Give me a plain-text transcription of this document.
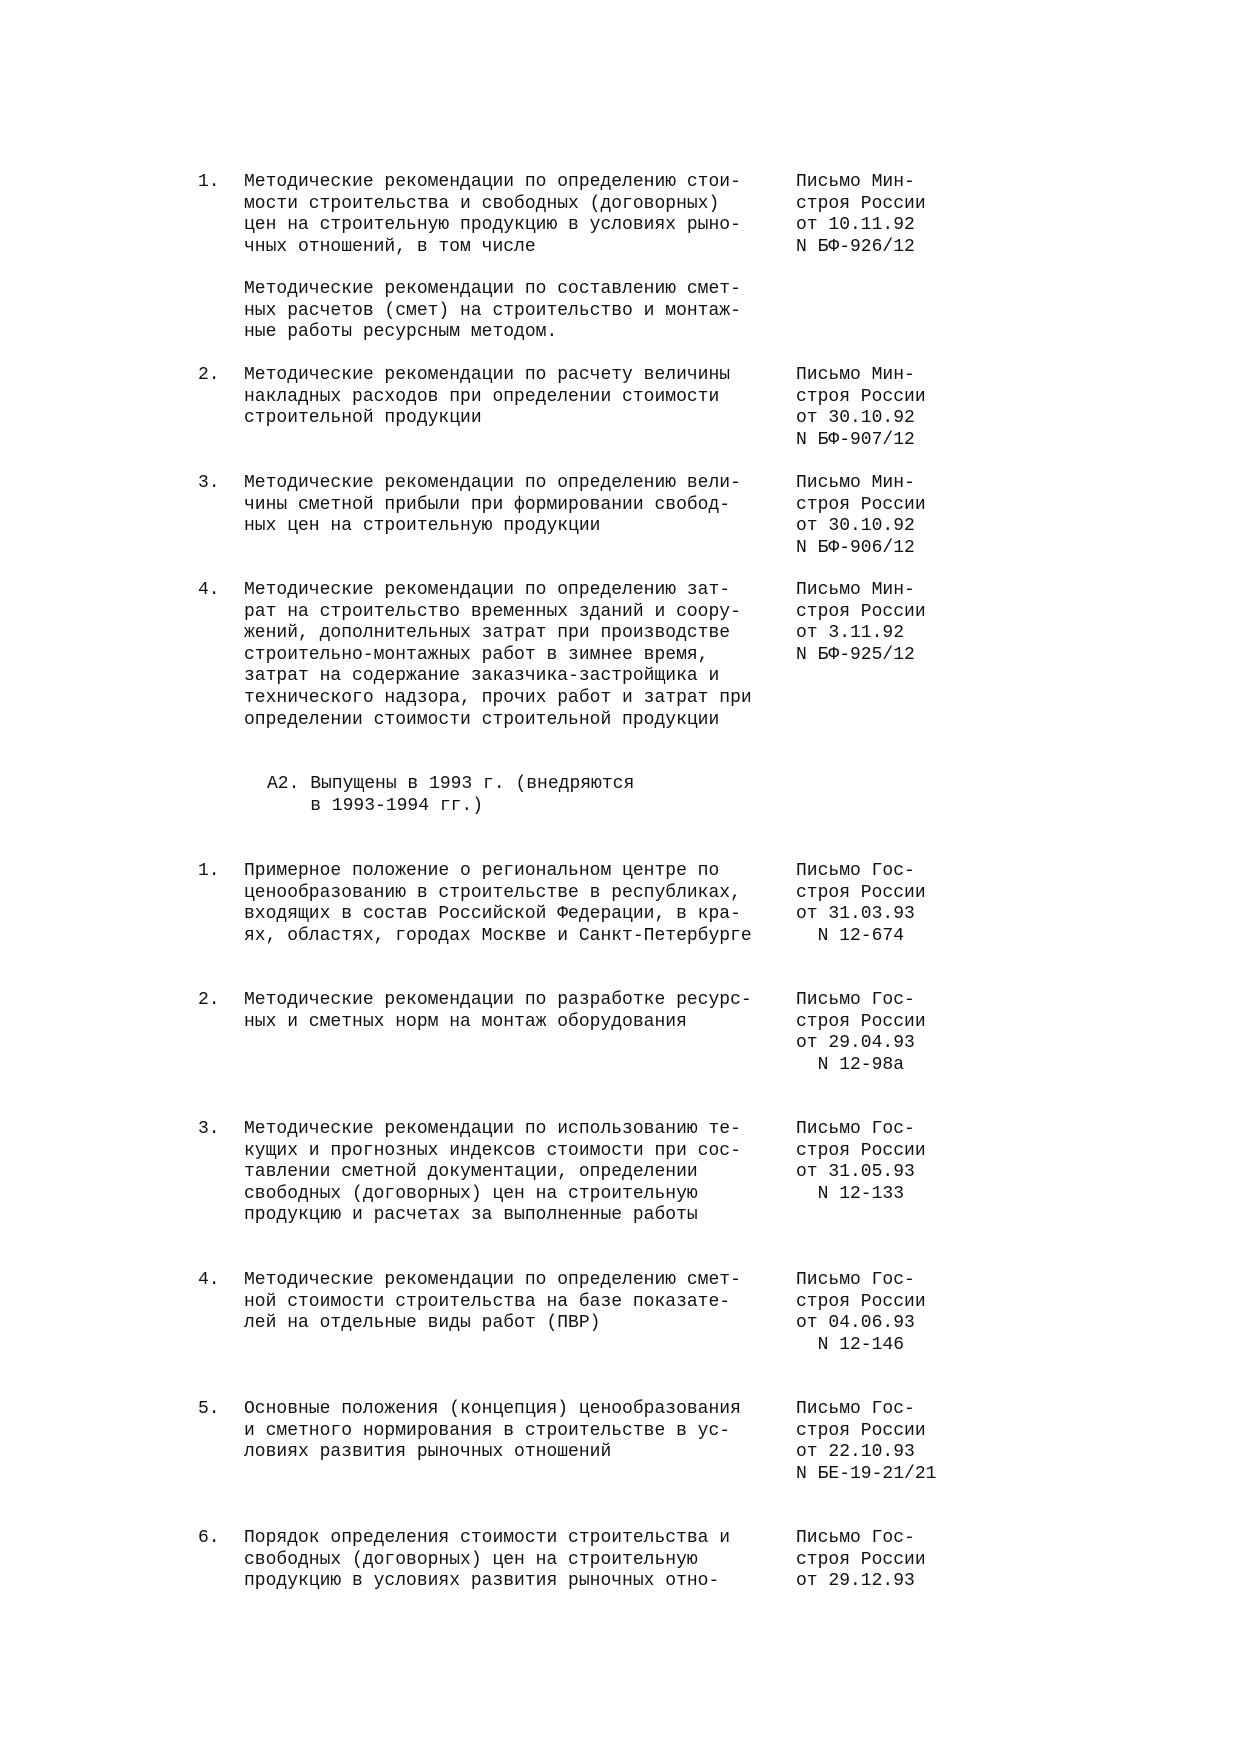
1. Методические рекомендации по определению стои-
мости строительства и свободных (договорных)
цен на строительную продукцию в условиях рыно-
чных отношений, в том числе
Методические рекомендации по составлению смет-
ных расчетов (смет) на строительство и монтаж-
ные работы ресурсным методом.
Письмо Мин-
строя России
от 10.11.92
N БФ-926/12
2. Методические рекомендации по расчету величины
накладных расходов при определении стоимости
строительной продукции
Письмо Мин-
строя России
от 30.10.92
N БФ-907/12
3. Методические рекомендации по определению вели-
чины сметной прибыли при формировании свобод-
ных цен на строительную продукции
Письмо Мин-
строя России
от 30.10.92
N БФ-906/12
4. Методические рекомендации по определению зат-
рат на строительство временных зданий и соору-
жений, дополнительных затрат при производстве
строительно-монтажных работ в зимнее время,
затрат на содержание заказчика-застройщика и
технического надзора, прочих работ и затрат при
определении стоимости строительной продукции
Письмо Мин-
строя России
от 3.11.92
N БФ-925/12
А2. Выпущены в 1993 г. (внедряются
в 1993-1994 гг.)
1. Примерное положение о региональном центре по
ценообразованию в строительстве в республиках,
входящих в состав Российской Федерации, в кра-
ях, областях, городах Москве и Санкт-Петербурге
Письмо Гос-
строя России
от 31.03.93
N 12-674
2. Методические рекомендации по разработке ресурс-
ных и сметных норм на монтаж оборудования
Письмо Гос-
строя России
от 29.04.93
N 12-98а
3. Методические рекомендации по использованию те-
кущих и прогнозных индексов стоимости при сос-
тавлении сметной документации, определении
свободных (договорных) цен на строительную
продукцию и расчетах за выполненные работы
Письмо Гос-
строя России
от 31.05.93
N 12-133
4. Методические рекомендации по определению смет-
ной стоимости строительства на базе показате-
лей на отдельные виды работ (ПВР)
Письмо Гос-
строя России
от 04.06.93
N 12-146
5. Основные положения (концепция) ценообразования
и сметного нормирования в строительстве в ус-
ловиях развития рыночных отношений
Письмо Гос-
строя России
от 22.10.93
N БЕ-19-21/21
6. Порядок определения стоимости строительства и
свободных (договорных) цен на строительную
продукцию в условиях развития рыночных отно-
Письмо Гос-
строя России
от 29.12.93
